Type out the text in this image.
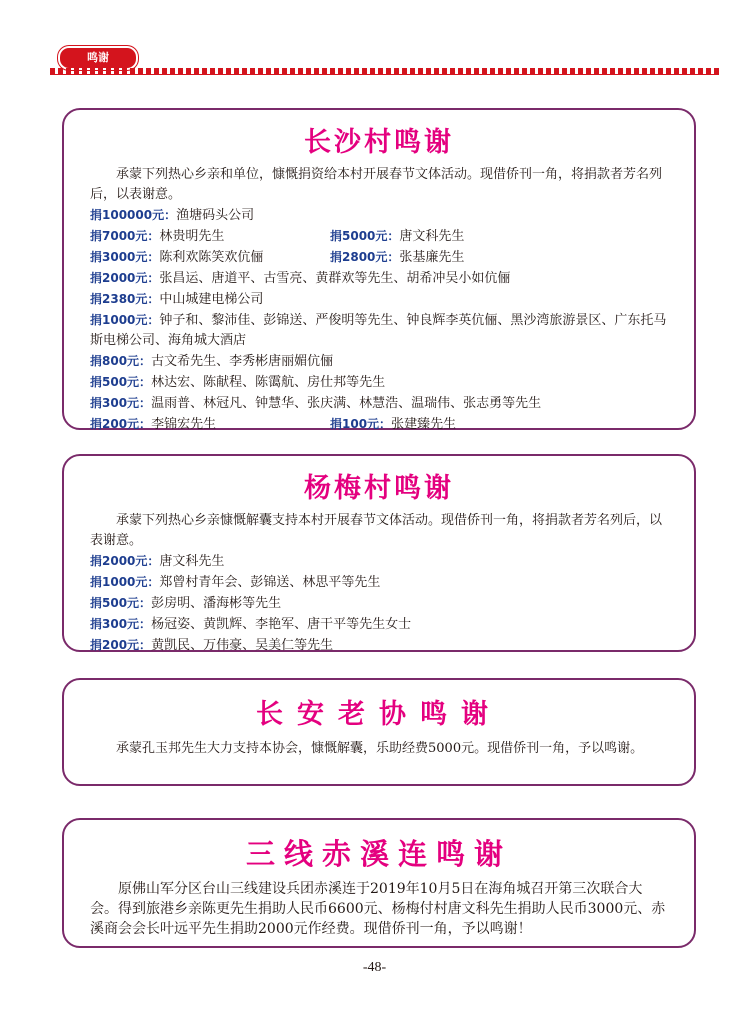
鸣谢
长沙村鸣谢

承蒙下列热心乡亲和单位，慷慨捐资给本村开展春节文体活动。现借侨刊一角，将捐款者芳名列后，以表谢意。

捐100000元：渔塘码头公司
捐7000元：林贵明先生	捐5000元：唐文科先生
捐3000元：陈利欢陈笑欢伉俪	捐2800元：张基廉先生
捐2000元：张昌运、唐道平、古雪亮、黄群欢等先生、胡希冲吴小如伉俪
捐2380元：中山城建电梯公司
捐1000元：钟子和、黎沛佳、彭锦送、严俊明等先生、钟良辉李英伉俪、黑沙湾旅游景区、广东托马斯电梯公司、海角城大酒店
捐800元：古文希先生、李秀彬唐丽媚伉俪
捐500元：林达宏、陈献程、陈霭航、房仕邦等先生
捐300元：温雨普、林冠凡、钟慧华、张庆满、林慧浩、温瑞伟、张志勇等先生
捐200元：李锦宏先生	捐100元：张建臻先生
杨梅村鸣谢

承蒙下列热心乡亲慷慨解囊支持本村开展春节文体活动。现借侨刊一角，将捐款者芳名列后，以表谢意。

捐2000元：唐文科先生
捐1000元：郑曾村青年会、彭锦送、林思平等先生
捐500元：彭房明、潘海彬等先生
捐300元：杨冠姿、黄凯辉、李艳军、唐干平等先生女士
捐200元：黄凯民、万伟豪、吴美仁等先生
长安老协鸣谢

承蒙孔玉邦先生大力支持本协会，慷慨解囊，乐助经费5000元。现借侨刊一角，予以鸣谢。

三线赤溪连鸣谢

原佛山军分区台山三线建设兵团赤溪连于2019年10月5日在海角城召开第三次联合大会。得到旅港乡亲陈更先生捐助人民币6600元、杨梅付村唐文科先生捐助人民币3000元、赤溪商会会长叶远平先生捐助2000元作经费。现借侨刊一角，予以鸣谢！

-48-
